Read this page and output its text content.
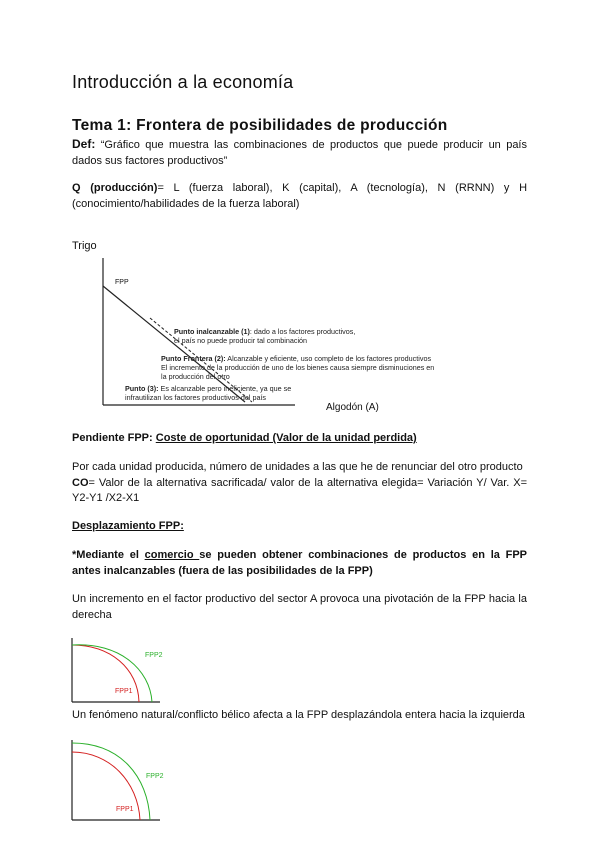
Introducción a la economía
Tema 1: Frontera de posibilidades de producción
Def: “Gráfico que muestra las combinaciones de productos que puede producir un país dados sus factores productivos”
Q (producción)= L (fuerza laboral), K (capital), A (tecnología), N (RRNN) y H (conocimiento/habilidades de la fuerza laboral)
Trigo
FPP
Punto inalcanzable (1): dado a los factores productivos,
el país no puede producir tal combinación
Punto Frontera (2): Alcanzable y eficiente, uso completo de los factores productivos
El incremento de la producción de uno de los bienes causa siempre disminuciones en
la producción del otro
Punto (3): Es alcanzable pero ineficiente, ya que se
infrautilizan los factores productivos del país
Algodón (A)
Pendiente FPP: Coste de oportunidad (Valor de la unidad perdida)
Por cada unidad producida, número de unidades a las que he de renunciar del otro producto
CO= Valor de la alternativa sacrificada/ valor de la alternativa elegida= Variación Y/ Var. X= Y2-Y1 /X2-X1
Desplazamiento FPP:
*Mediante el comercio se pueden obtener combinaciones de productos en la FPP antes inalcanzables (fuera de las posibilidades de la FPP)
Un incremento en el factor productivo del sector A provoca una pivotación de la FPP hacia la derecha
FPP2
FPP1
Un fenómeno natural/conflicto bélico afecta a la FPP desplazándola entera hacia la izquierda
FPP2
FPP1
